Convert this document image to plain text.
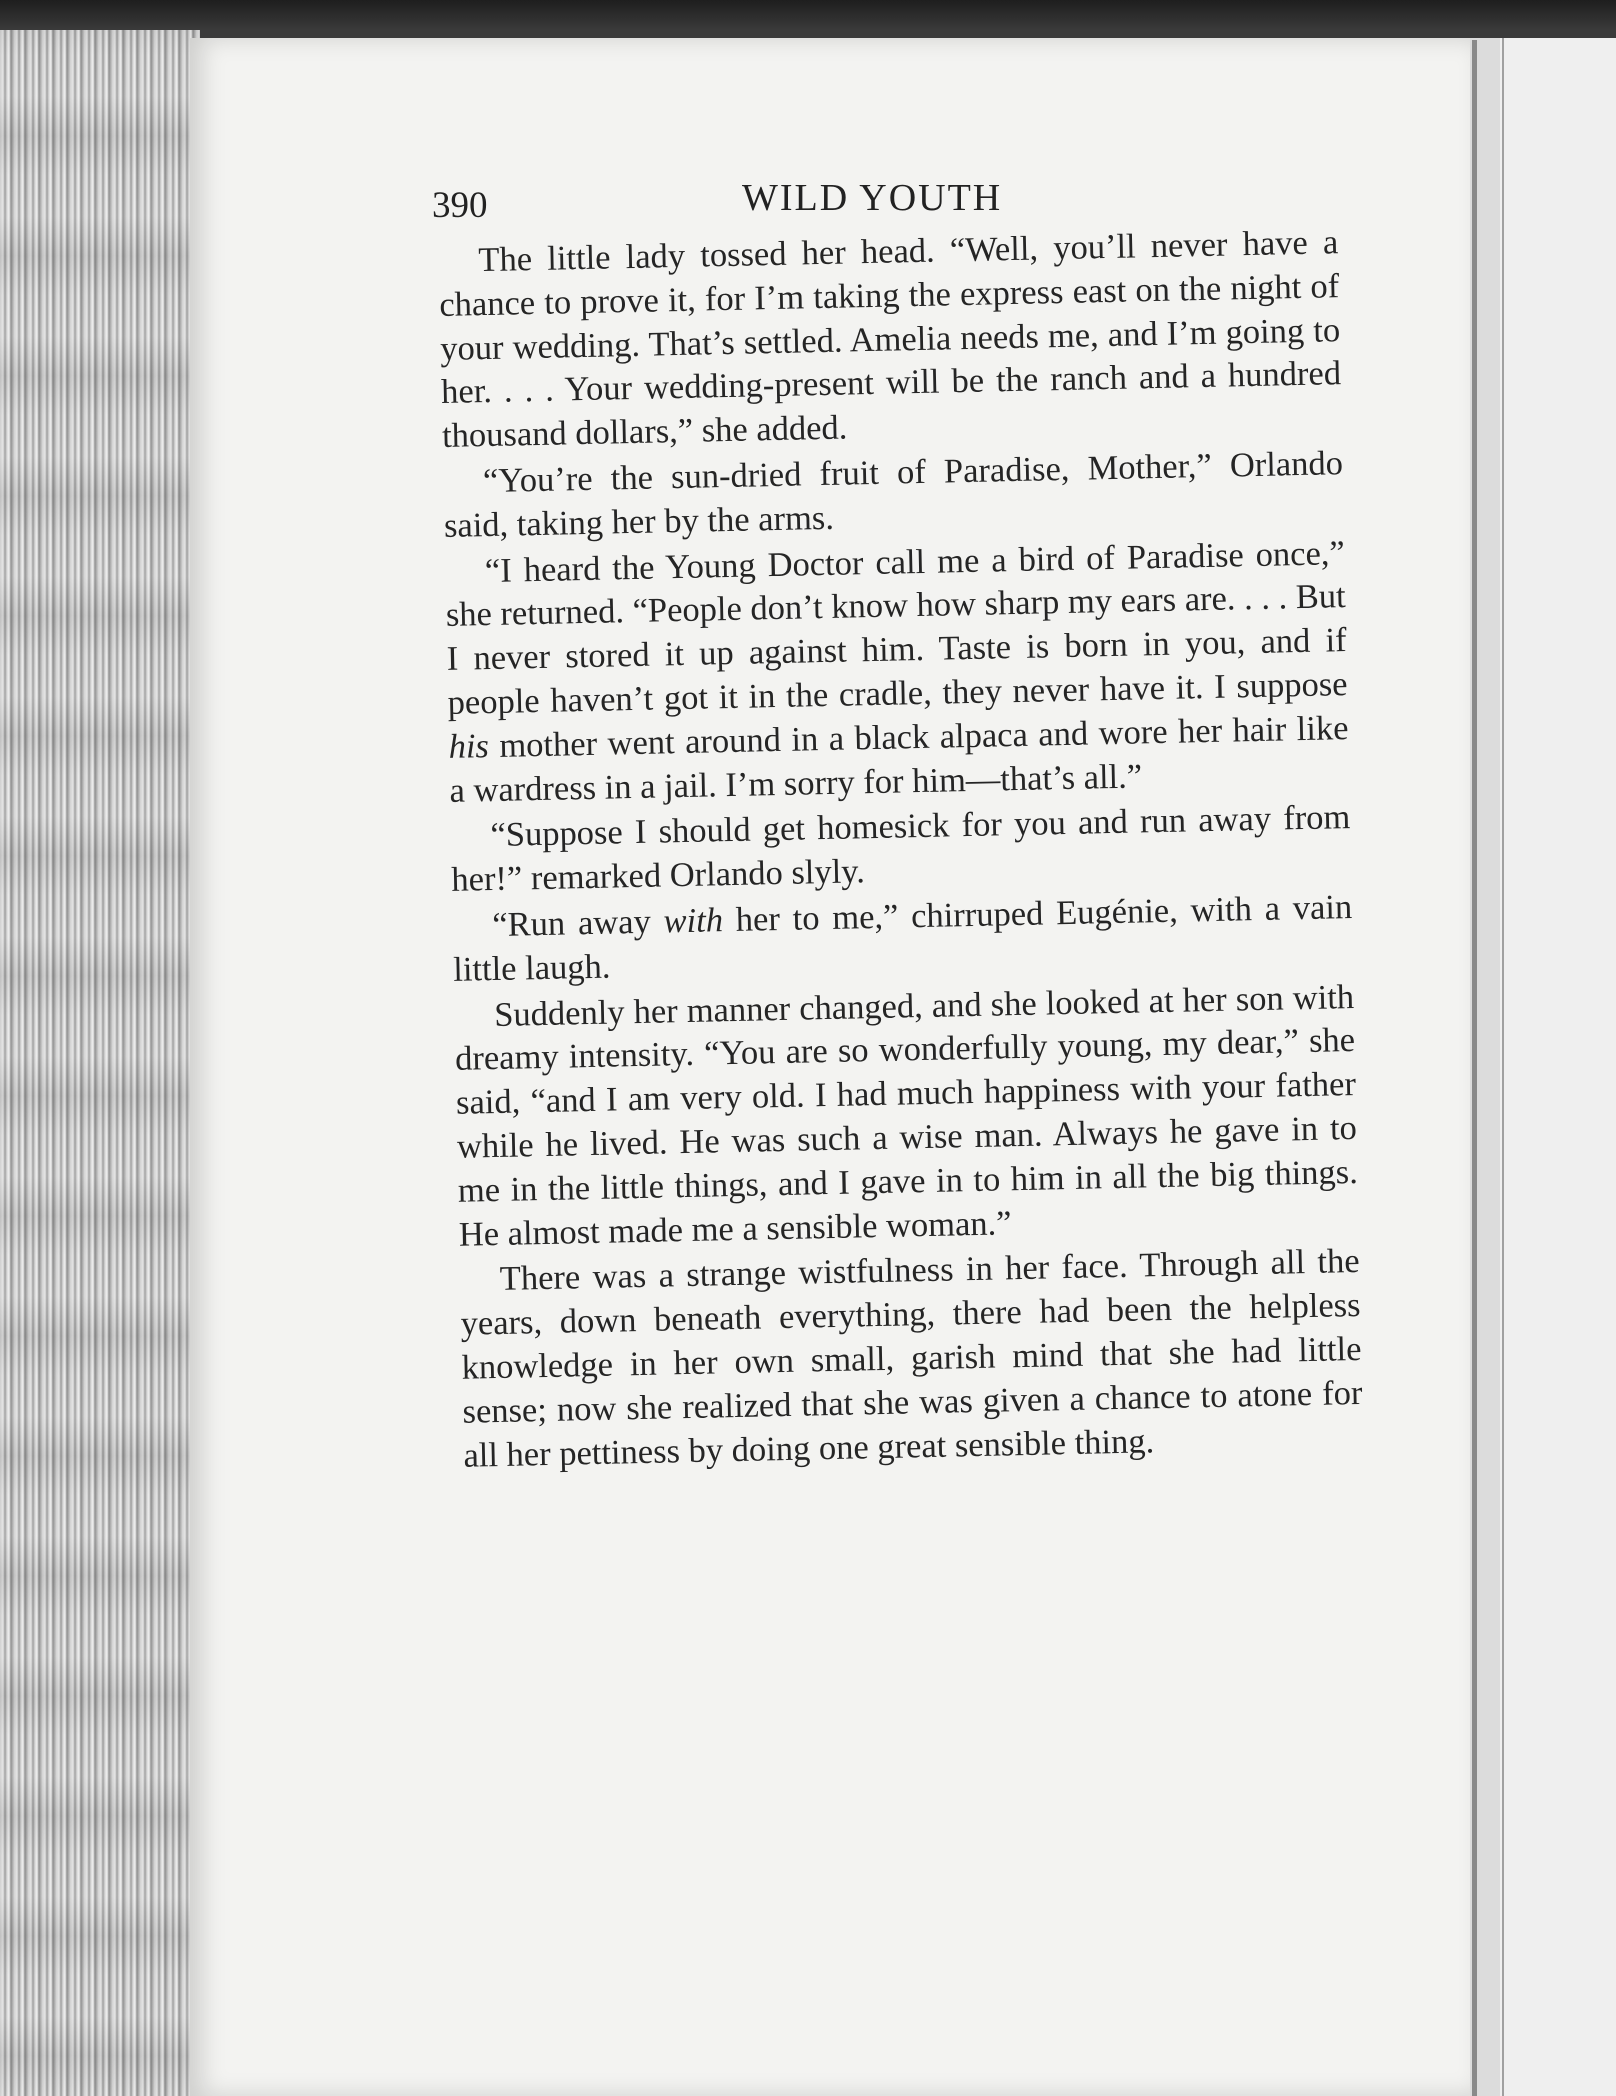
390	WILD YOUTH

The little lady tossed her head. “Well, you’ll never have a chance to prove it, for I’m taking the express east on the night of your wedding. That’s settled. Amelia needs me, and I’m going to her. . . . Your wedding-present will be the ranch and a hundred thousand dollars,” she added.

“You’re the sun-dried fruit of Paradise, Mother,” Orlando said, taking her by the arms.

“I heard the Young Doctor call me a bird of Paradise once,” she returned. “People don’t know how sharp my ears are. . . . But I never stored it up against him. Taste is born in you, and if people haven’t got it in the cradle, they never have it. I suppose his mother went around in a black alpaca and wore her hair like a wardress in a jail. I’m sorry for him—that’s all.”

“Suppose I should get homesick for you and run away from her!” remarked Orlando slyly.

“Run away with her to me,” chirruped Eugénie, with a vain little laugh.

Suddenly her manner changed, and she looked at her son with dreamy intensity. “You are so wonderfully young, my dear,” she said, “and I am very old. I had much happiness with your father while he lived. He was such a wise man. Always he gave in to me in the little things, and I gave in to him in all the big things. He almost made me a sensible woman.”

There was a strange wistfulness in her face. Through all the years, down beneath everything, there had been the helpless knowledge in her own small, garish mind that she had little sense; now she realized that she was given a chance to atone for all her pettiness by doing one great sensible thing.
